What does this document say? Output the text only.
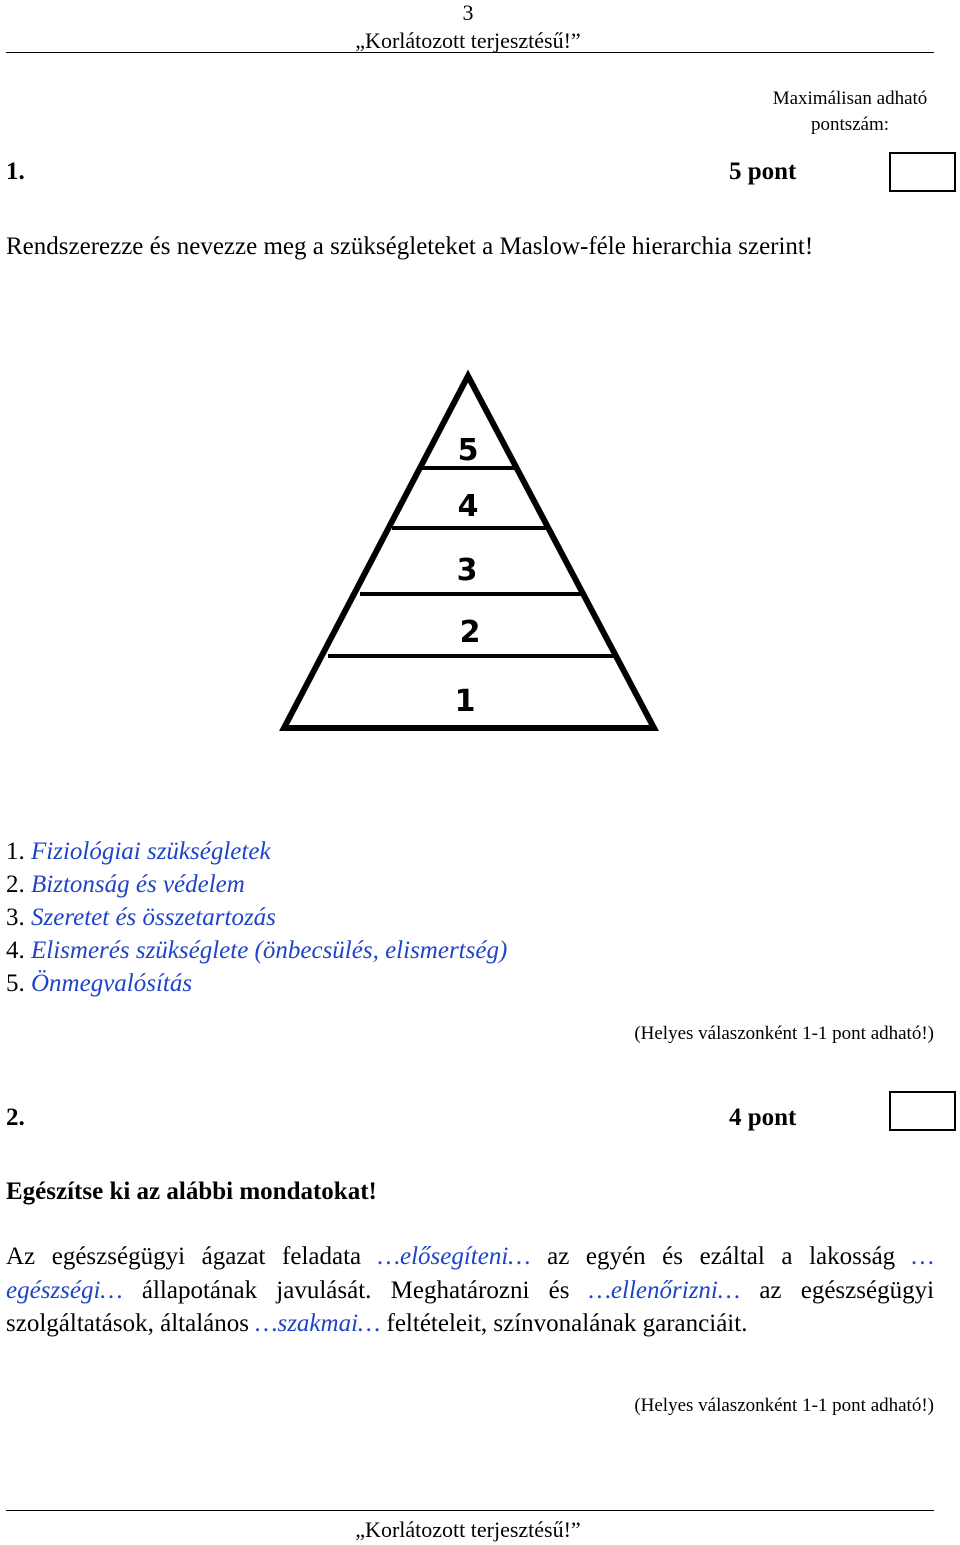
3
„Korlátozott terjesztésű!”
Maximálisan adható pontszám:
1.	5 pont
Rendszerezze és nevezze meg a szükségleteket a Maslow-féle hierarchia szerint!
5
4
3
2
1
1. Fiziológiai szükségletek
2. Biztonság és védelem
3. Szeretet és összetartozás
4. Elismerés szükséglete (önbecsülés, elismertség)
5. Önmegvalósítás
(Helyes válaszonként 1-1 pont adható!)
2.	4 pont
Egészítse ki az alábbi mondatokat!
Az egészségügyi ágazat feladata …elősegíteni… az egyén és ezáltal a lakosság …egészségi… állapotának javulását. Meghatározni és …ellenőrizni… az egészségügyi szolgáltatások, általános …szakmai… feltételeit, színvonalának garanciáit.
(Helyes válaszonként 1-1 pont adható!)
„Korlátozott terjesztésű!”
